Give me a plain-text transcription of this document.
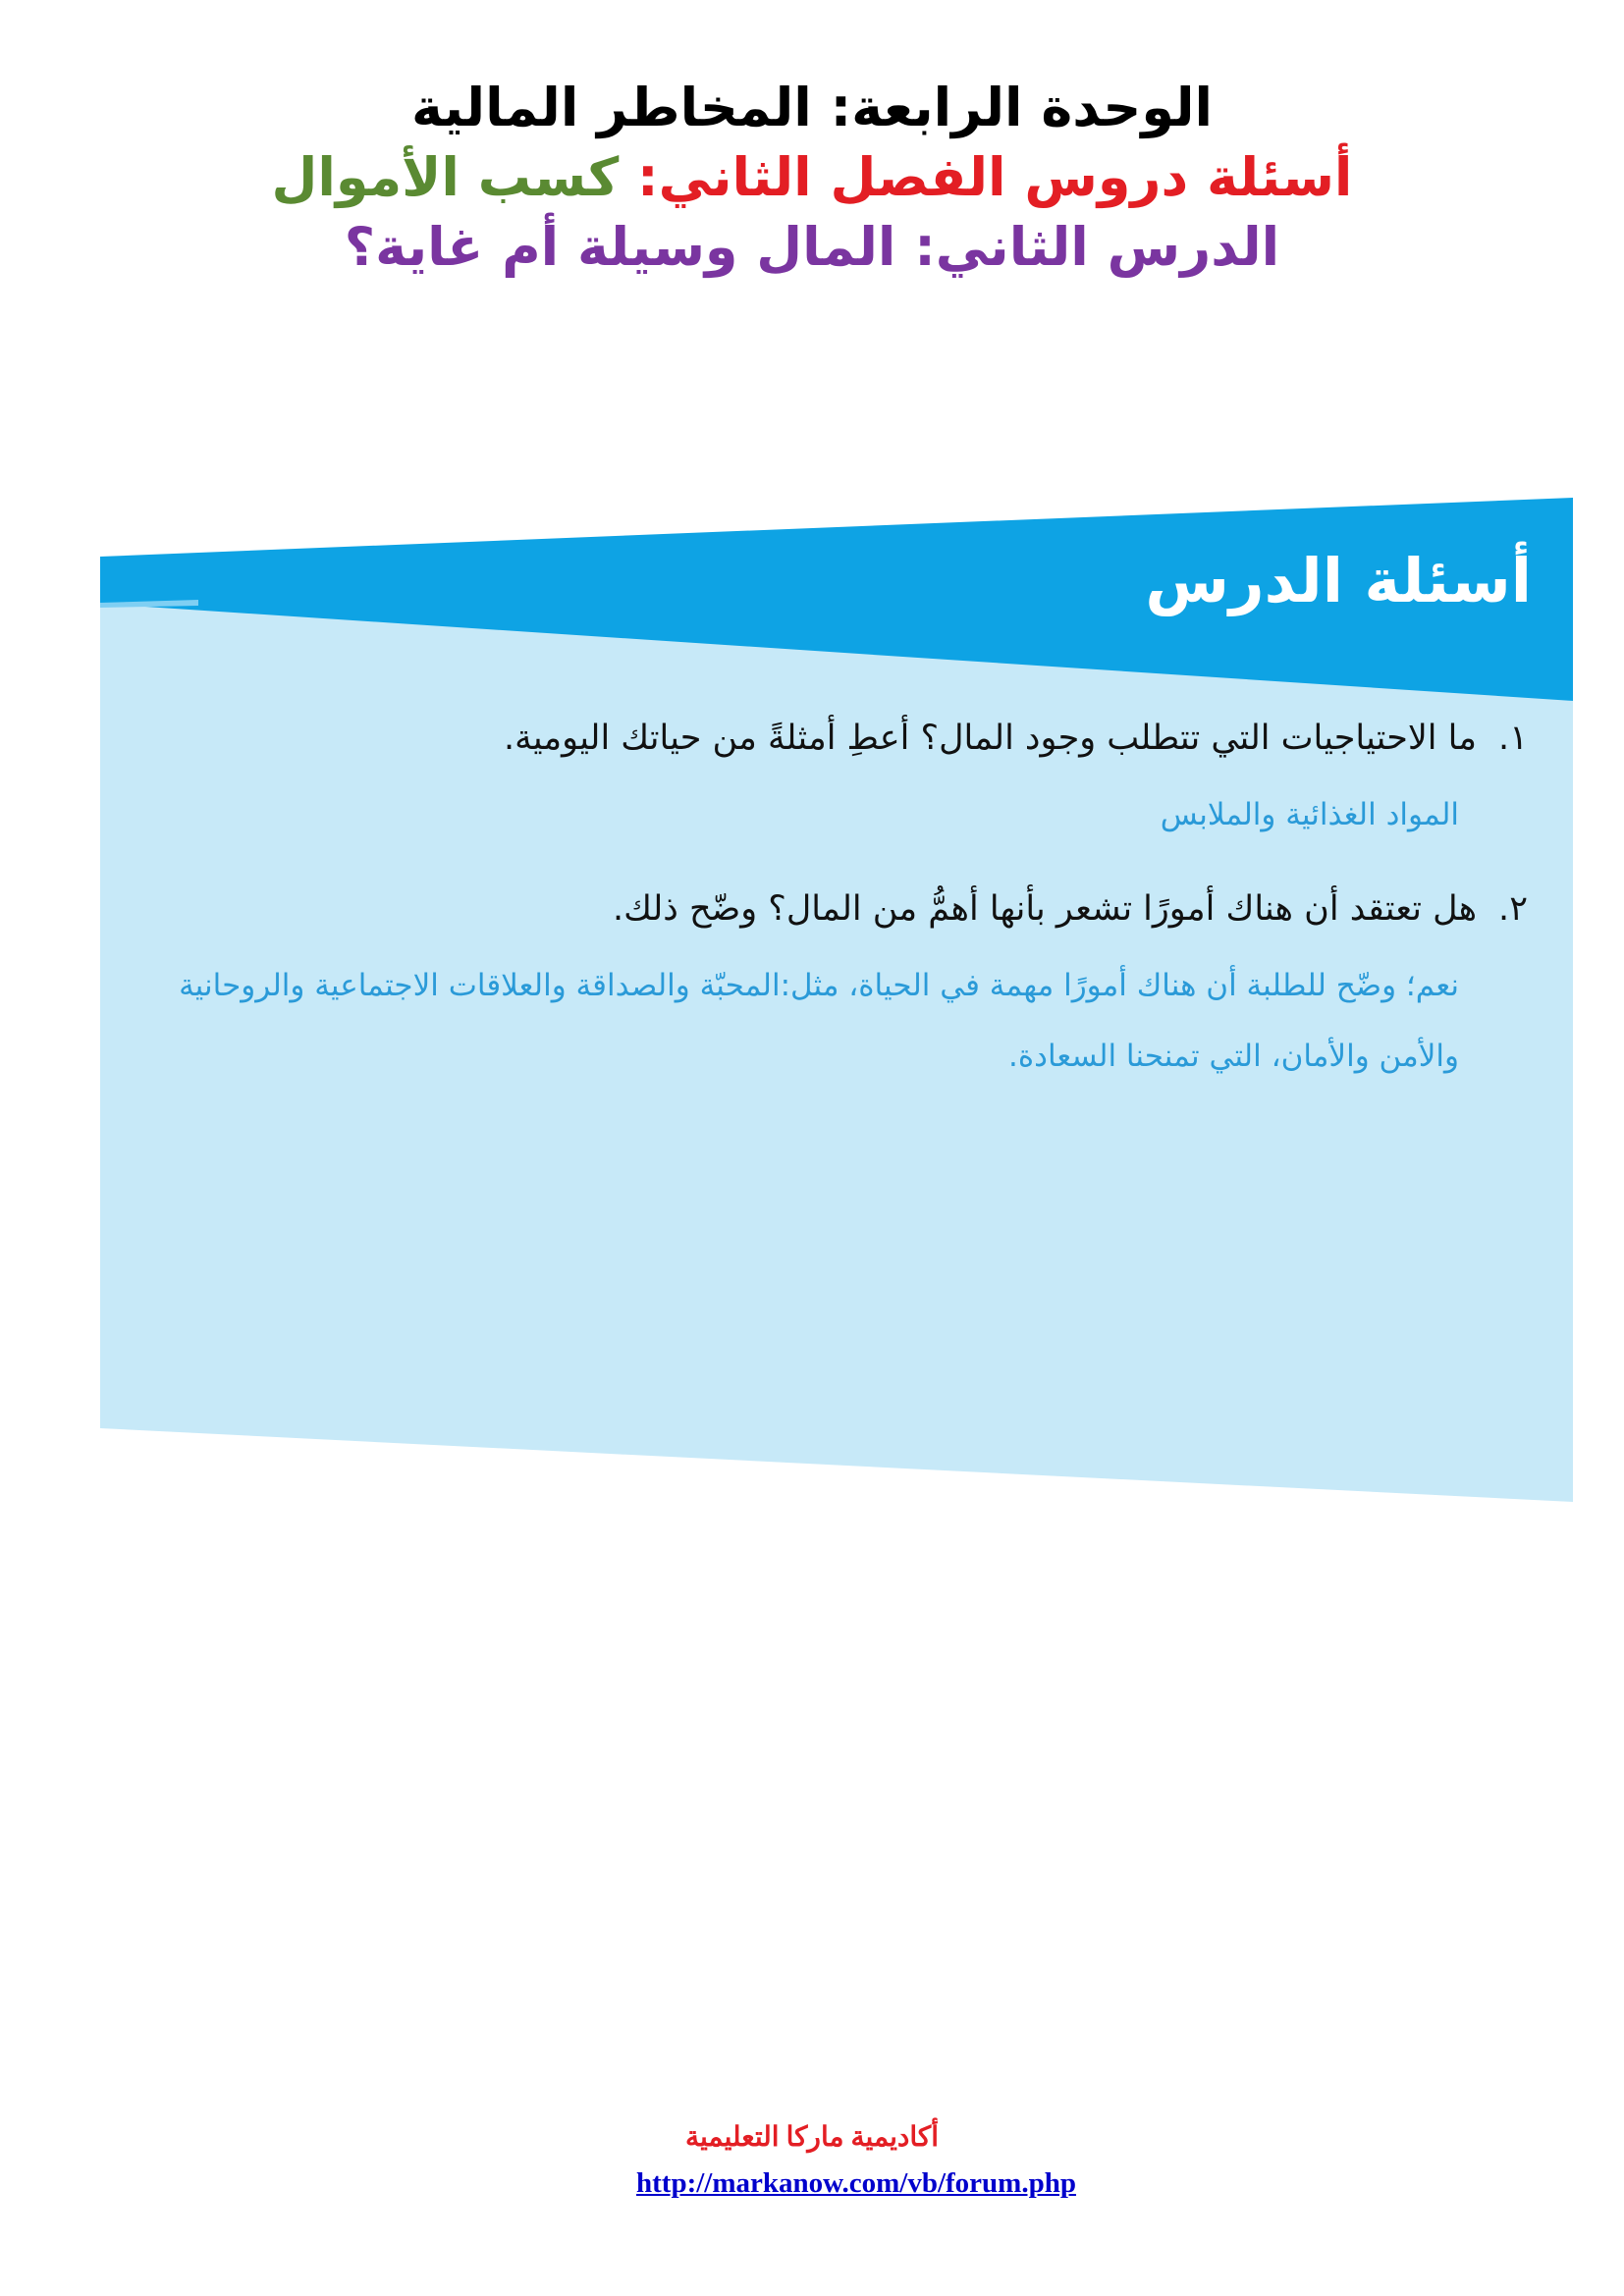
الوحدة الرابعة: المخاطر المالية
أسئلة دروس الفصل الثاني: كسب الأموال
الدرس الثاني: المال وسيلة أم غاية؟
أسئلة الدرس

١.
ما الاحتياجيات التي تتطلب وجود المال؟ أعطِ أمثلةً من حياتك اليومية.

المواد الغذائية والملابس

٢.
هل تعتقد أن هناك أمورًا تشعر بأنها أهمُّ من المال؟ وضّح ذلك.

نعم؛ وضّح للطلبة أن هناك أمورًا مهمة في الحياة، مثل:المحبّة والصداقة والعلاقات الاجتماعية والروحانية والأمن والأمان، التي تمنحنا السعادة.

أكاديمية ماركا التعليمية

http://markanow.com/vb/forum.php
